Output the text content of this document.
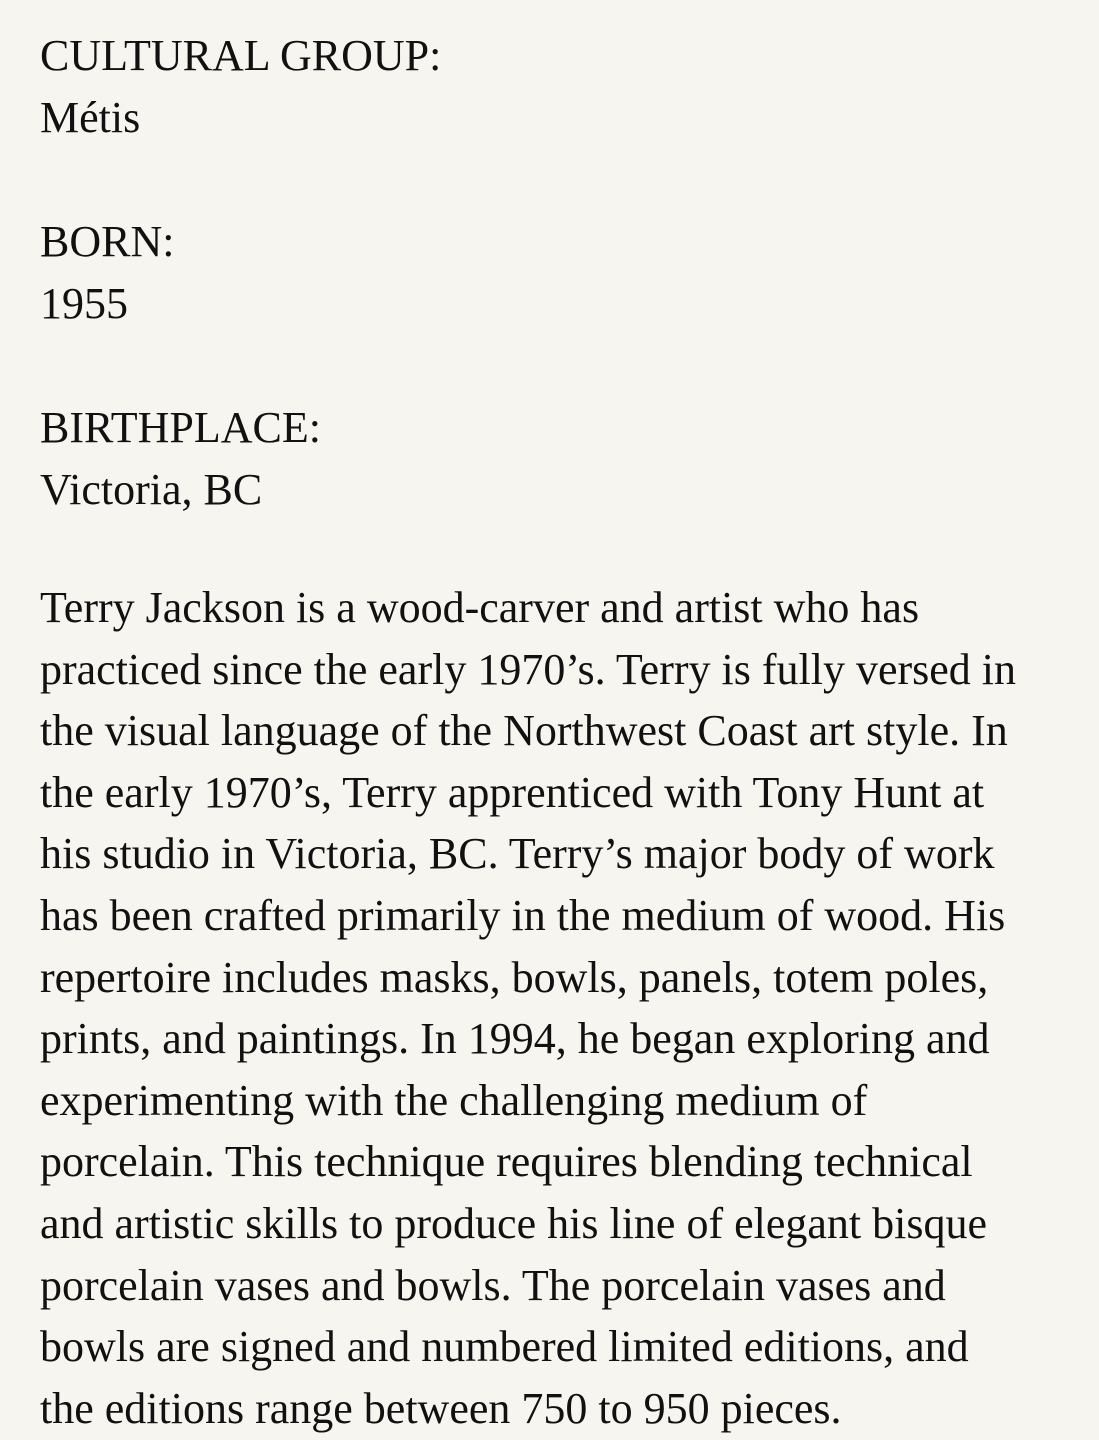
CULTURAL GROUP:
Métis
BORN:
1955
BIRTHPLACE:
Victoria, BC
Terry Jackson is a wood-carver and artist who has
practiced since the early 1970’s. Terry is fully versed in
the visual language of the Northwest Coast art style. In
the early 1970’s, Terry apprenticed with Tony Hunt at
his studio in Victoria, BC. Terry’s major body of work
has been crafted primarily in the medium of wood. His
repertoire includes masks, bowls, panels, totem poles,
prints, and paintings. In 1994, he began exploring and
experimenting with the challenging medium of
porcelain. This technique requires blending technical
and artistic skills to produce his line of elegant bisque
porcelain vases and bowls. The porcelain vases and
bowls are signed and numbered limited editions, and
the editions range between 750 to 950 pieces.
